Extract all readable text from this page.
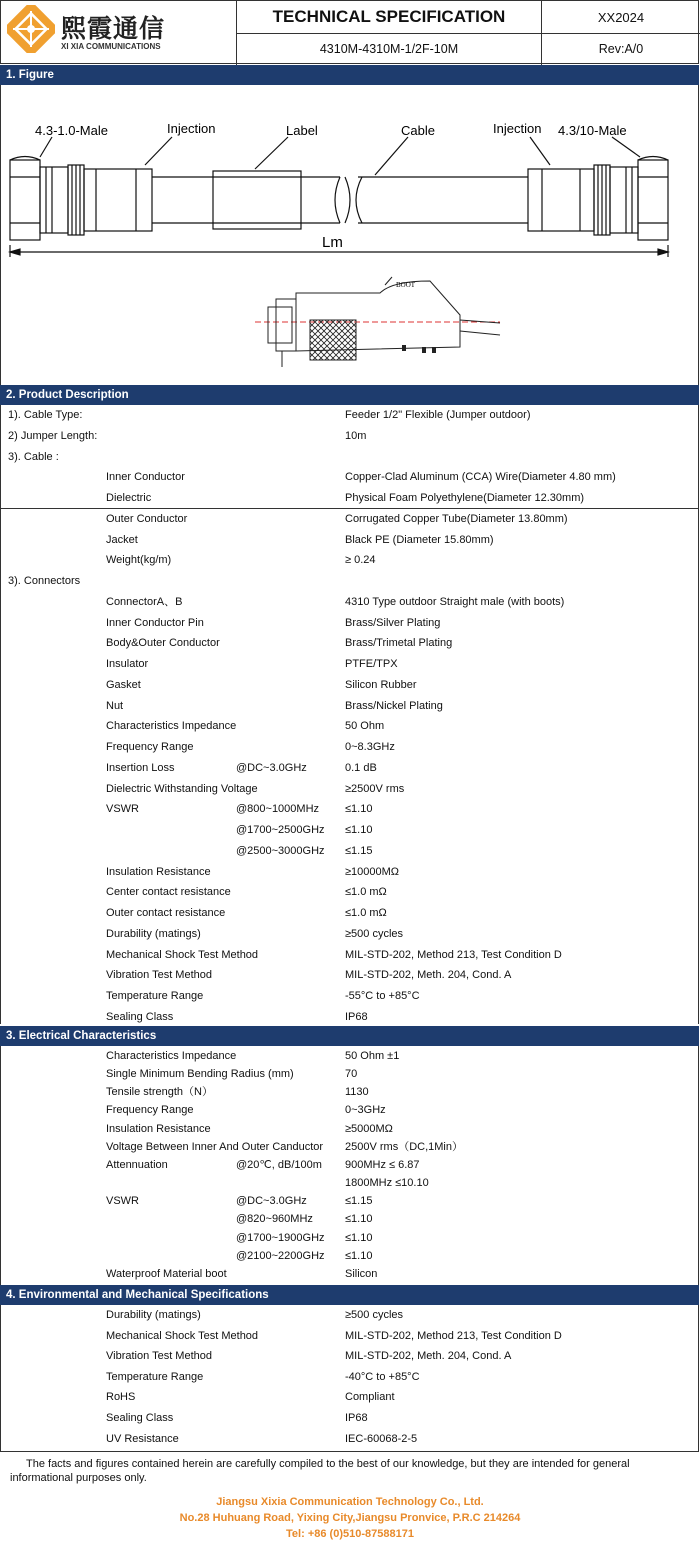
熙霞通信
XI XIA COMMUNICATIONS
TECHNICAL SPECIFICATION	XX2024
4310M-4310M-1/2F-10M	Rev:A/0
1. Figure
4.3-1.0-Male	Injection	Label	Cable	Injection 4.3/10-Male
Lm
BOOT
2. Product Description
1). Cable Type:	Feeder 1/2" Flexible (Jumper outdoor)
2) Jumper Length:	10m
3). Cable :
Inner Conductor	Copper-Clad Aluminum (CCA) Wire(Diameter 4.80 mm)
Dielectric	Physical Foam Polyethylene(Diameter 12.30mm)
Outer Conductor	Corrugated Copper Tube(Diameter 13.80mm)
Jacket	Black PE (Diameter 15.80mm)
Weight(kg/m)	≥ 0.24
3). Connectors
ConnectorA、B	4310 Type outdoor Straight male (with boots)
Inner Conductor Pin	Brass/Silver Plating
Body&Outer Conductor	Brass/Trimetal Plating
Insulator	PTFE/TPX
Gasket	Silicon Rubber
Nut	Brass/Nickel Plating
Characteristics Impedance	50 Ohm
Frequency Range	0~8.3GHz
Insertion Loss	@DC~3.0GHz	0.1 dB
Dielectric Withstanding Voltage	≥2500V rms
VSWR	@800~1000MHz ≤1.10
@1700~2500GHz ≤1.10
@2500~3000GHz ≤1.15
Insulation Resistance	≥10000MΩ
Center contact resistance	≤1.0 mΩ
Outer contact resistance	≤1.0 mΩ
Durability (matings)	≥500 cycles
Mechanical Shock Test Method	MIL-STD-202, Method 213, Test Condition D
Vibration Test Method	MIL-STD-202, Meth. 204, Cond. A
Temperature Range	-55°C to +85°C
Sealing Class	IP68
3. Electrical Characteristics
Characteristics Impedance	50 Ohm ±1
Single Minimum Bending Radius (mm)	70
Tensile strength（N）	1130
Frequency Range	0~3GHz
Insulation Resistance	≥5000MΩ
Voltage Between Inner And Outer Canductor 2500V rms（DC,1Min）
Attennuation	@20℃, dB/100m 900MHz ≤ 6.87
1800MHz ≤10.10
VSWR	@DC~3.0GHz	≤1.15
@820~960MHz	≤1.10
@1700~1900GHz ≤1.10
@2100~2200GHz ≤1.10
Waterproof Material boot	Silicon
4. Environmental and Mechanical Specifications
Durability (matings)	≥500 cycles
Mechanical Shock Test Method	MIL-STD-202, Method 213, Test Condition D
Vibration Test Method	MIL-STD-202, Meth. 204, Cond. A
Temperature Range	-40°C to +85°C
RoHS	Compliant
Sealing Class	IP68
UV Resistance	IEC-60068-2-5
The facts and figures contained herein are carefully compiled to the best of our knowledge, but they are intended for general informational purposes only.
Jiangsu Xixia Communication Technology Co., Ltd.
No.28 Huhuang Road, Yixing City,Jiangsu Pronvice, P.R.C 214264
Tel: +86 (0)510-87588171
